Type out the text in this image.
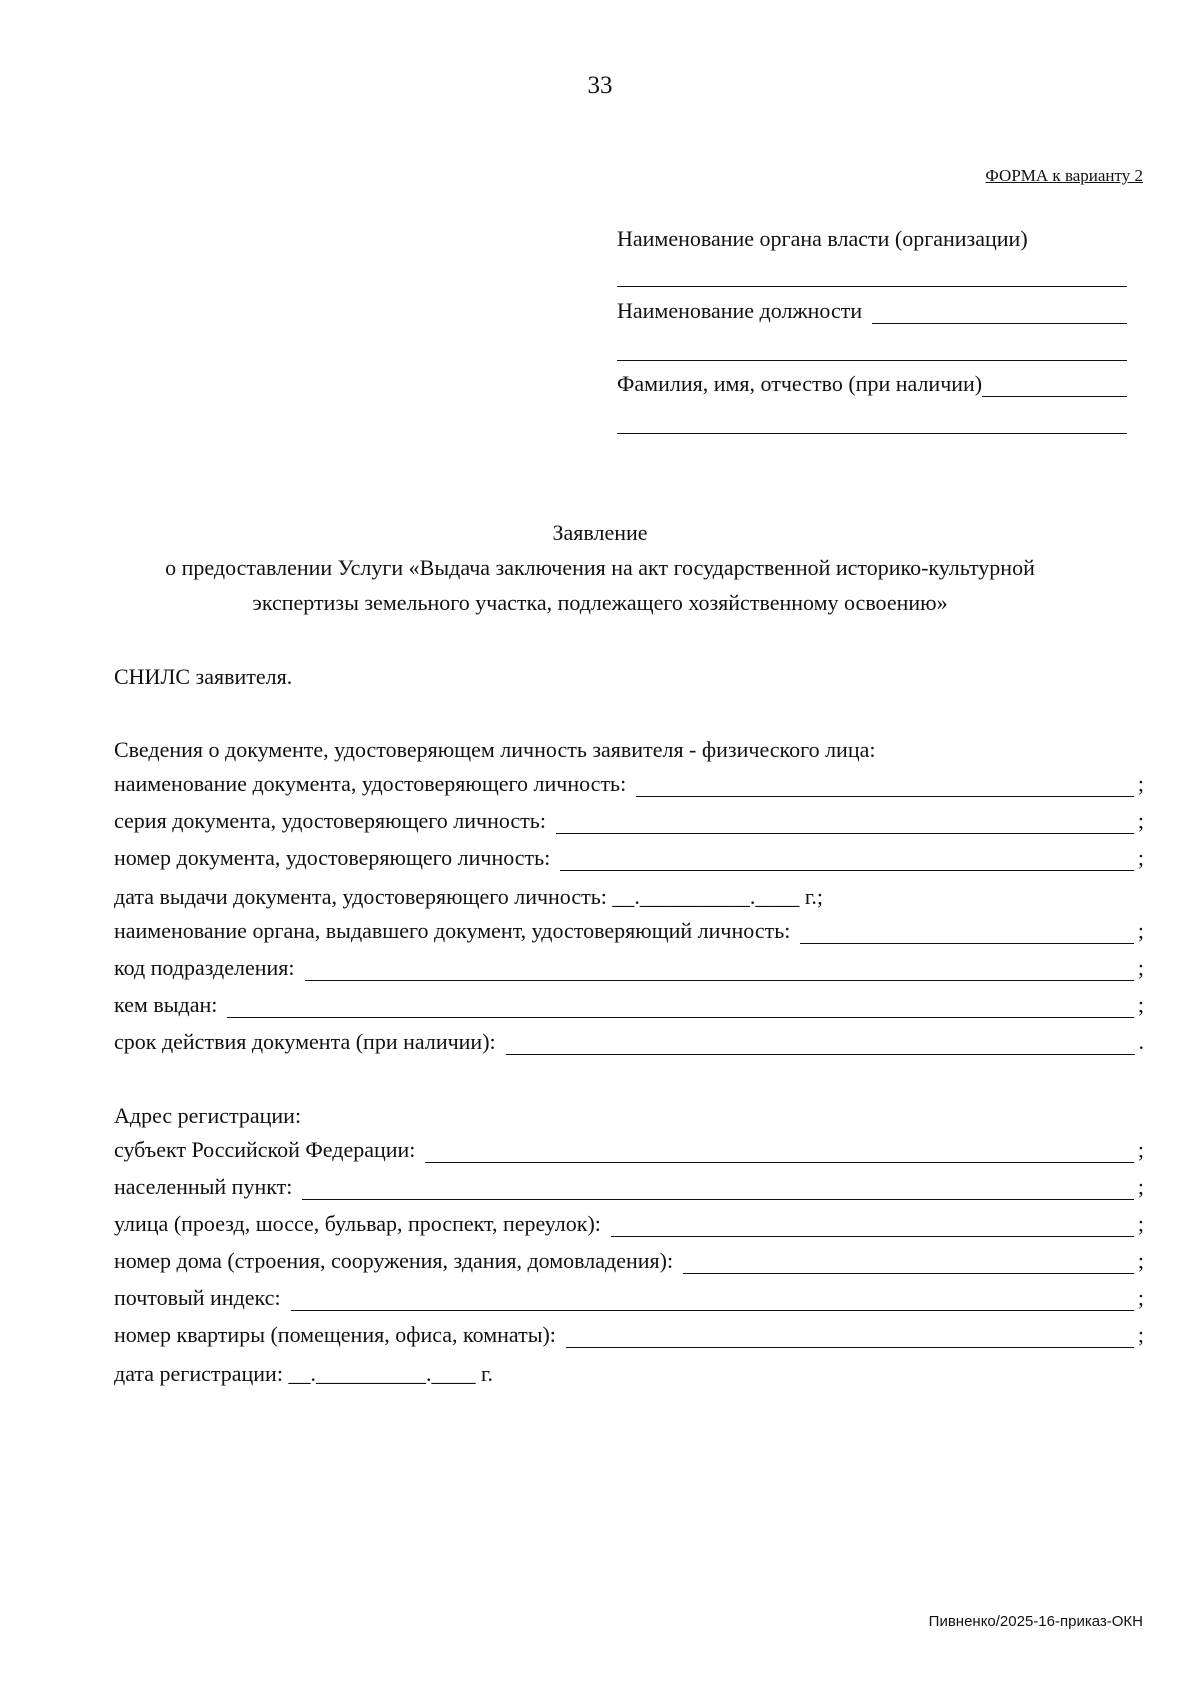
33
ФОРМА к варианту 2
Наименование органа власти (организации)
Наименование должности
Фамилия, имя, отчество (при наличии)
Заявление
о предоставлении Услуги «Выдача заключения на акт государственной историко-культурной
экспертизы земельного участка, подлежащего хозяйственному освоению»
СНИЛС заявителя.
Сведения о документе, удостоверяющем личность заявителя - физического лица:
наименование документа, удостоверяющего личность:	;
серия документа, удостоверяющего личность:	;
номер документа, удостоверяющего личность:	;
дата выдачи документа, удостоверяющего личность: __.__________.____ г.;
наименование органа, выдавшего документ, удостоверяющий личность:	;
код подразделения:	;
кем выдан:	;
срок действия документа (при наличии):	.
Адрес регистрации:
субъект Российской Федерации:	;
населенный пункт:	;
улица (проезд, шоссе, бульвар, проспект, переулок):	;
номер дома (строения, сооружения, здания, домовладения):	;
почтовый индекс:	;
номер квартиры (помещения, офиса, комнаты):	;
дата регистрации: __.__________.____ г.
Пивненко/2025-16-приказ-ОКН
